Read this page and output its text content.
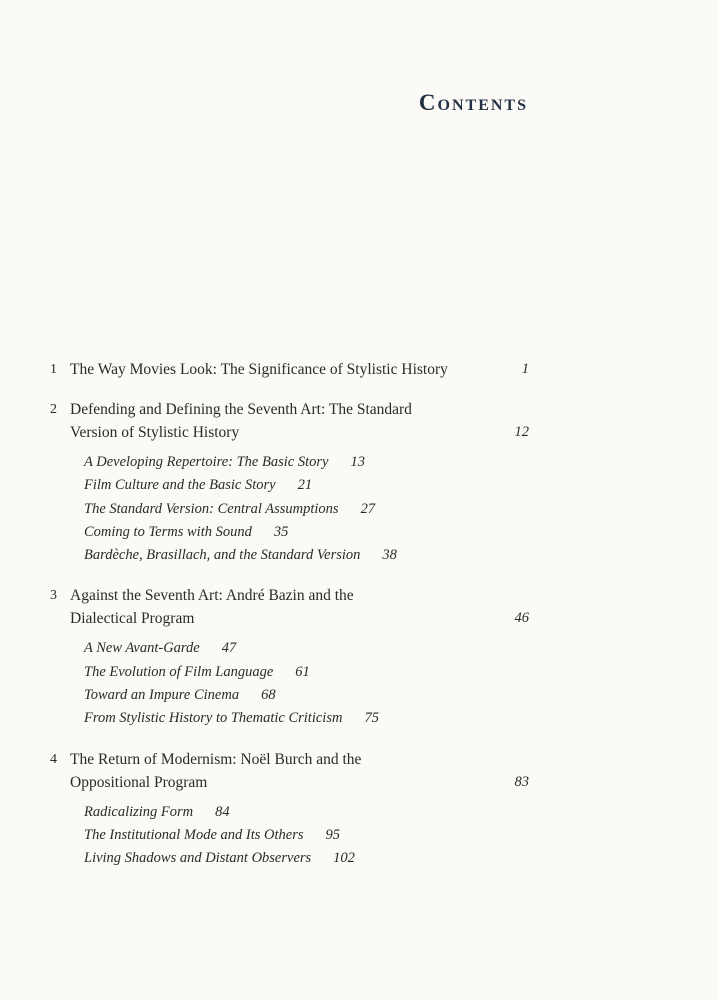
Contents
1 The Way Movies Look: The Significance of Stylistic History	1
2 Defending and Defining the Seventh Art: The Standard
Version of Stylistic History	12
A Developing Repertoire: The Basic Story 13
Film Culture and the Basic Story 21
The Standard Version: Central Assumptions 27
Coming to Terms with Sound 35
Bardèche, Brasillach, and the Standard Version 38
3 Against the Seventh Art: André Bazin and the
Dialectical Program	46
A New Avant-Garde 47
The Evolution of Film Language 61
Toward an Impure Cinema 68
From Stylistic History to Thematic Criticism 75
4 The Return of Modernism: Noël Burch and the
Oppositional Program	83
Radicalizing Form 84
The Institutional Mode and Its Others 95
Living Shadows and Distant Observers 102
